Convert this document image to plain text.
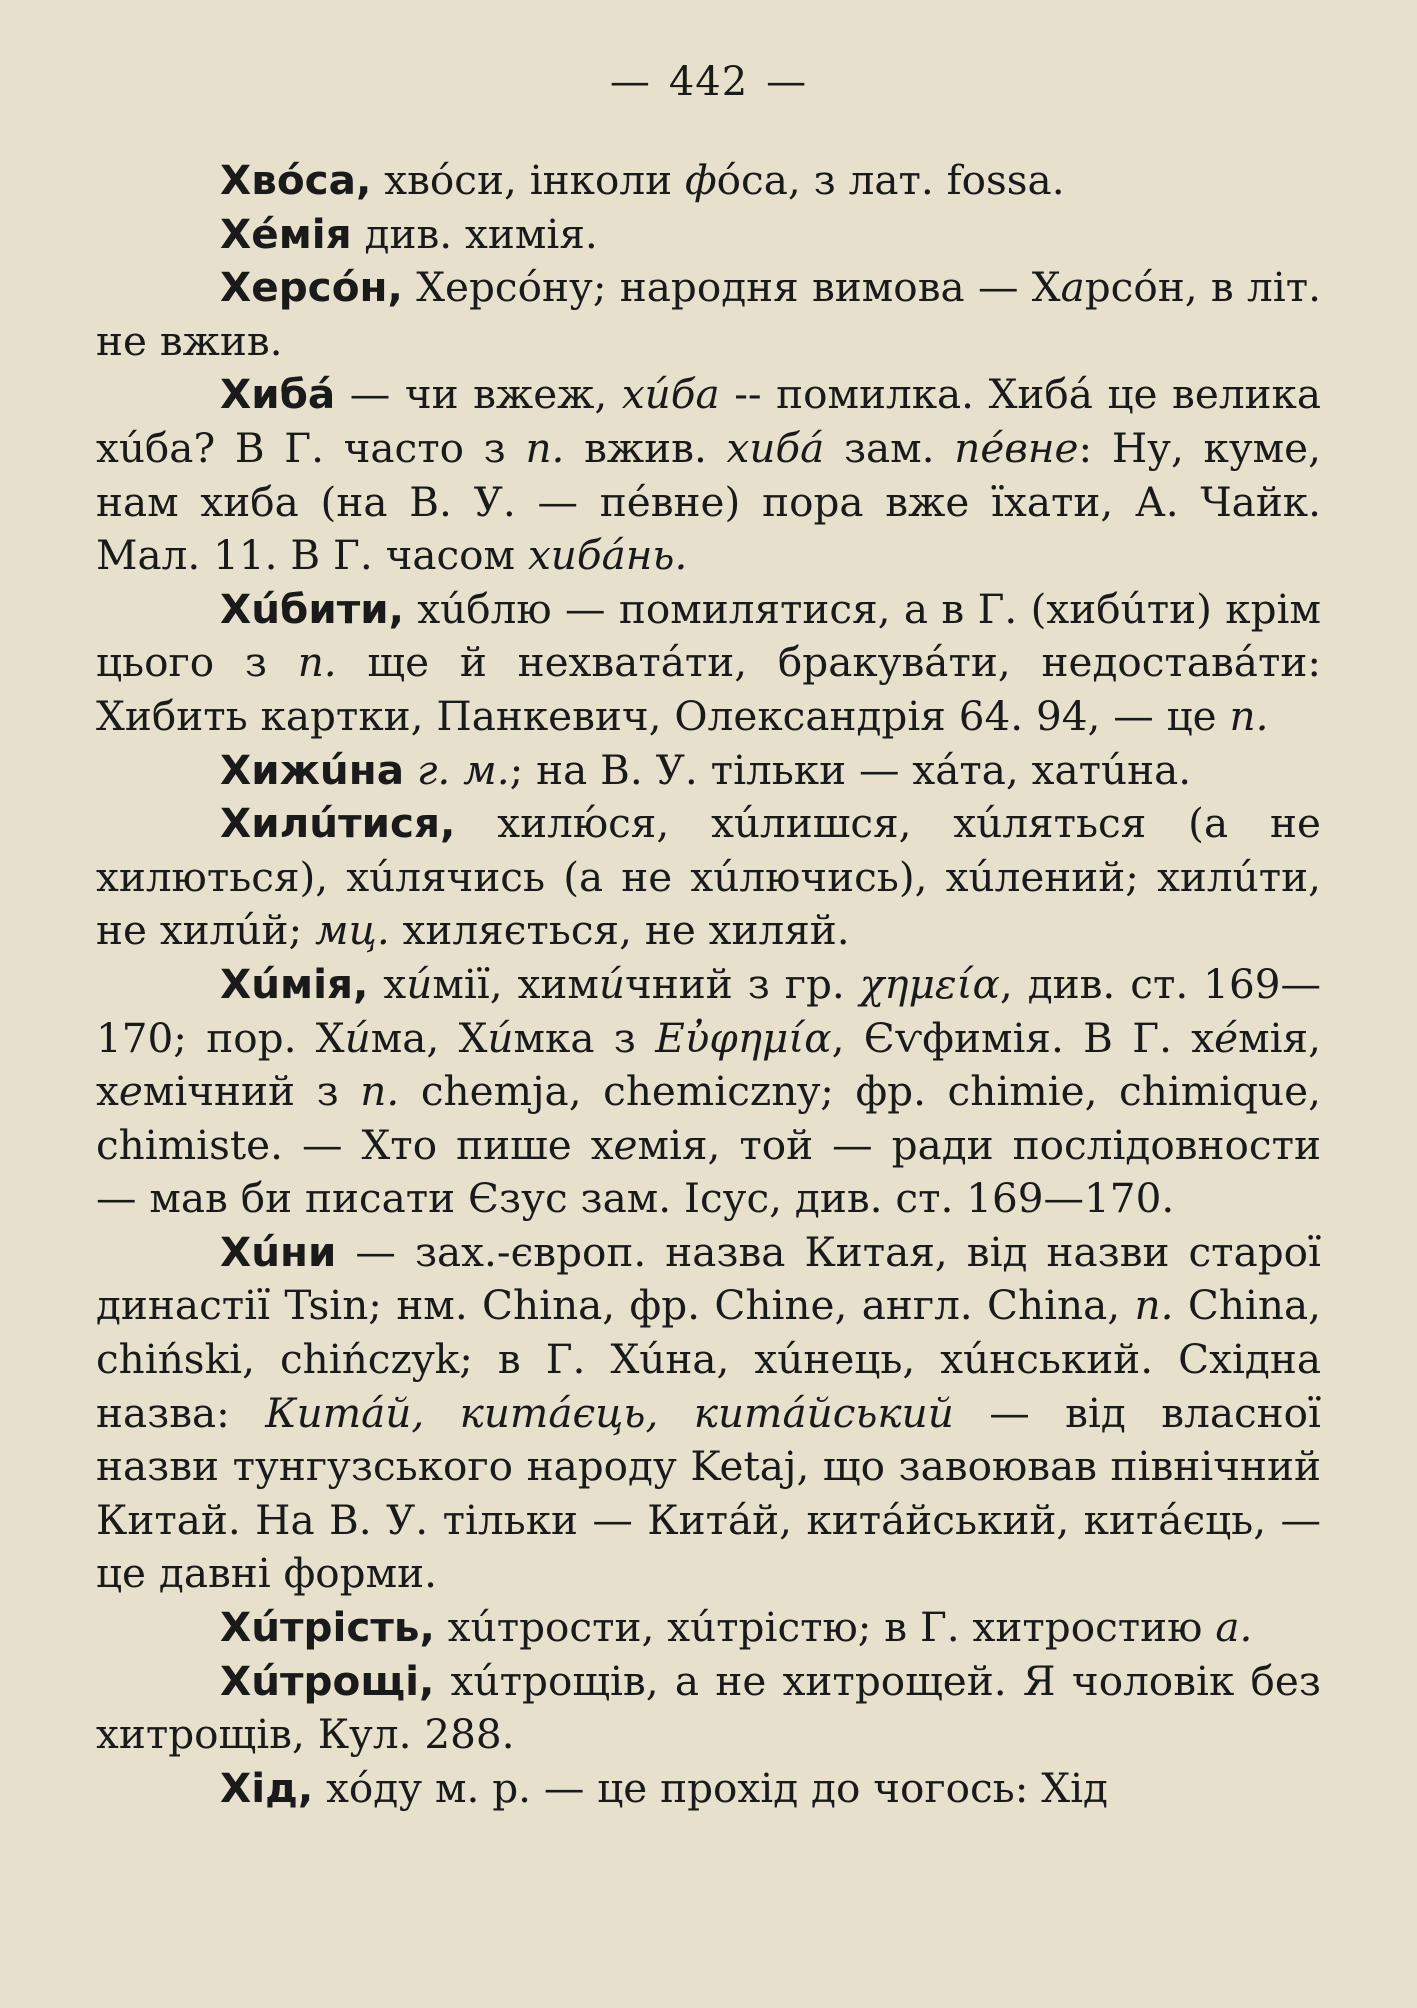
— 442 —

Хвóса, хвóси, інколи фóса, з лат. fossa.

Хéмія див. химія.

Херсóн, Херсóну; народня вимова — Харсóн, в літ. не вжив.

Хибá — чи вжеж, хúба -- помилка. Хибá це велика хúба? В Г. часто з п. вжив. хибá зам. пéвне: Ну, куме, нам хиба (на В. У. — пéвне) пора вже їхати, А. Чайк. Мал. 11. В Г. часом хибáнь.

Хúбити, хúблю — помилятися, а в Г. (хибúти) крім цього з п. ще й нехватáти, бракувáти, недоставáти: Хибить картки, Панкевич, Олександрія 64. 94, — це п.

Хижúна г. м.; на В. У. тільки — хáта, хатúна.

Хилúтися, хилю́ся, хúлишся, хúляться (а не хилються), хúлячись (а не хúлючись), хúлений; хилúти, не хилúй; мц. хиляється, не хиляй.

Хúмія, хúмії, химúчний з гр. χημεία, див. ст. 169—170; пор. Хúма, Хúмка з Εὐφημία, Єѵфимія. В Г. хéмія, хемічний з п. chemja, chemiczny; фр. chimie, chimique, chimiste. — Хто пише хемія, той — ради послідовности — мав би писати Єзус зам. Ісус, див. ст. 169—170.

Хúни — зах.-європ. назва Китая, від назви старої династії Tsin; нм. China, фр. Chine, англ. China, п. China, chiński, chińczyk; в Г. Хúна, хúнець, хúнський. Східна назва: Китáй, китáєць, китáйський — від власної назви тунгузського народу Ketaj, що завоював північний Китай. На В. У. тільки — Китáй, китáйський, китáєць, — це давні форми.

Хúтрість, хúтрости, хúтрістю; в Г. хитростию а.

Хúтрощі, хúтрощів, а не хитрощей. Я чоловік без хитрощів, Кул. 288.

Хід, хóду м. р. — це прохід до чогось: Хід
